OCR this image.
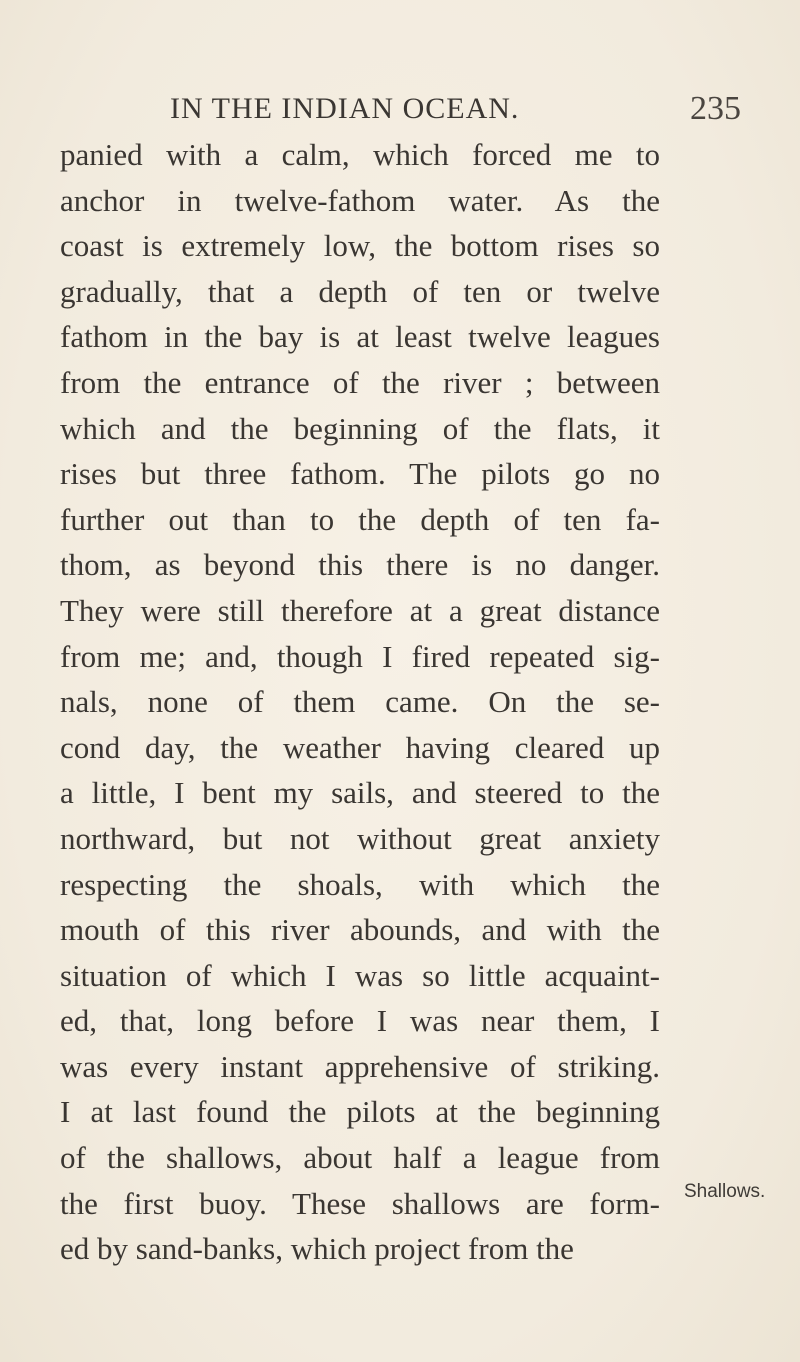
IN THE INDIAN OCEAN.	235
panied with a calm, which forced me to
anchor in twelve-fathom water. As the
coast is extremely low, the bottom rises so
gradually, that a depth of ten or twelve
fathom in the bay is at least twelve leagues
from the entrance of the river ; between
which and the beginning of the flats, it
rises but three fathom. The pilots go no
further out than to the depth of ten fa-
thom, as beyond this there is no danger.
They were still therefore at a great distance
from me; and, though I fired repeated sig-
nals, none of them came. On the se-
cond day, the weather having cleared up
a little, I bent my sails, and steered to the
northward, but not without great anxiety
respecting the shoals, with which the
mouth of this river abounds, and with the
situation of which I was so little acquaint-
ed, that, long before I was near them, I
was every instant apprehensive of striking.
I at last found the pilots at the beginning
of the shallows, about half a league from
the first buoy. These shallows are form-
ed by sand-banks, which project from the
Shallows.
